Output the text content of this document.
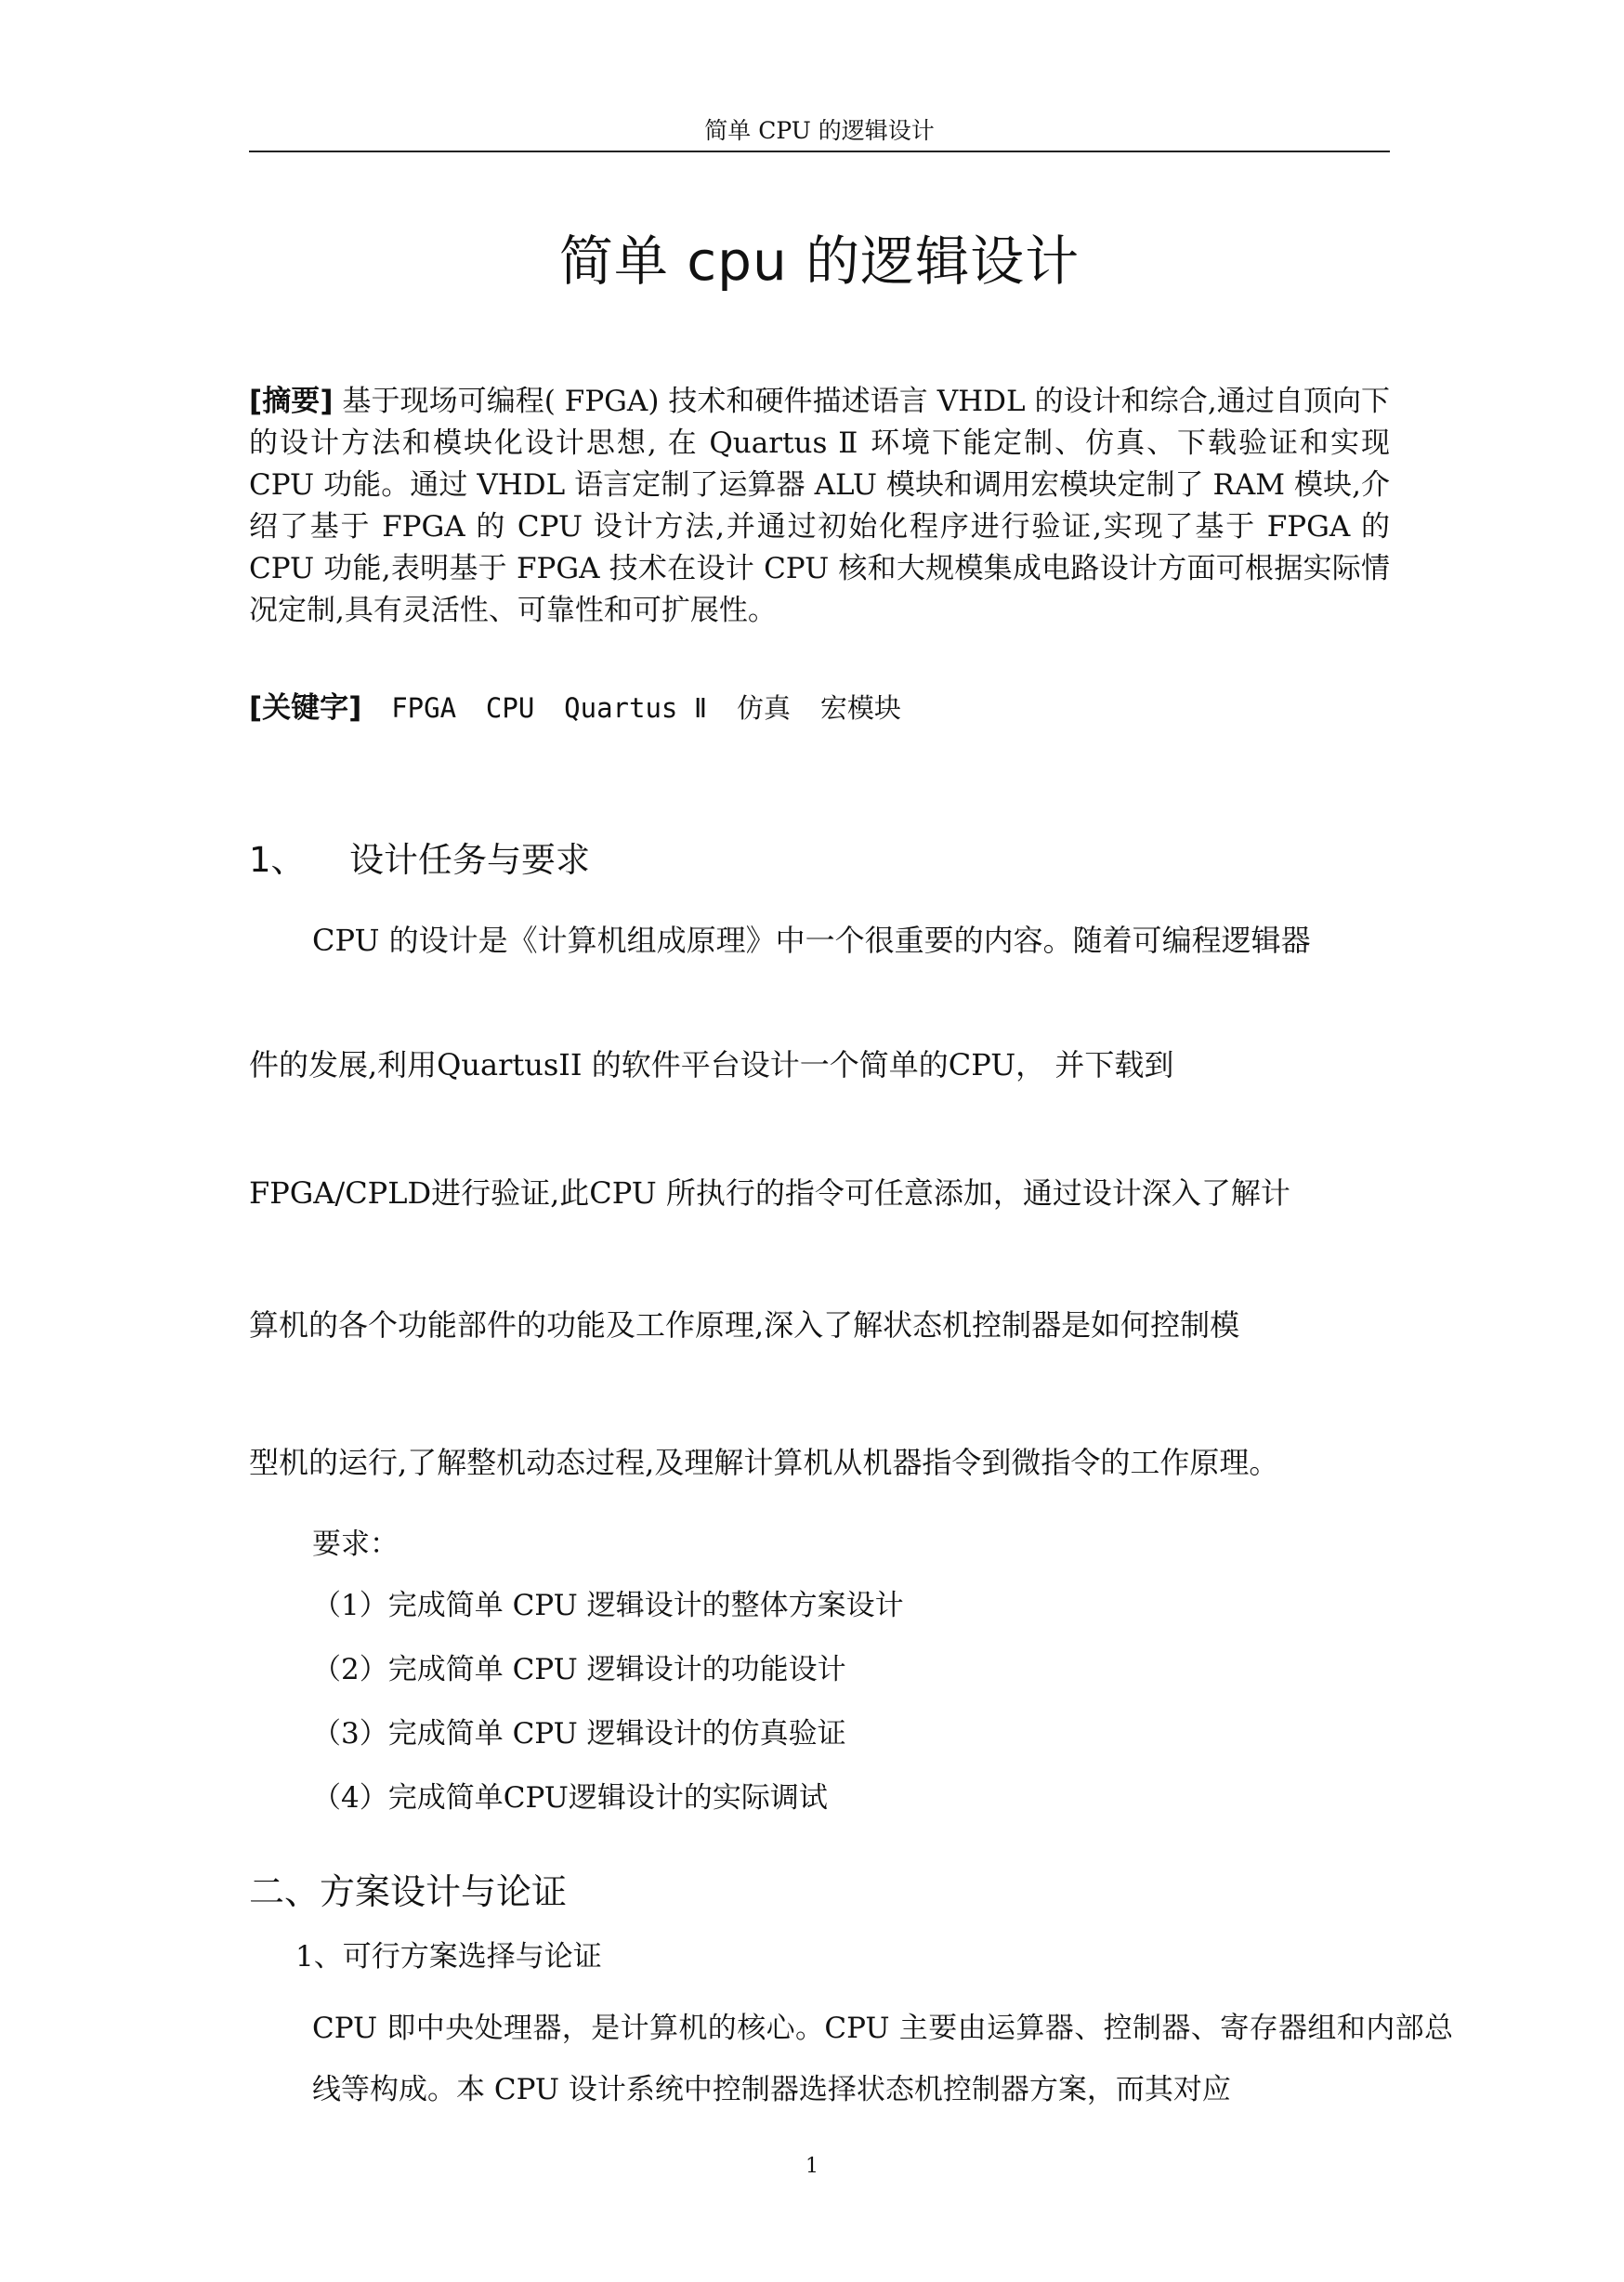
简单 CPU 的逻辑设计
简单 cpu 的逻辑设计
[摘要] 基于现场可编程( FPGA) 技术和硬件描述语言 VHDL 的设计和综合,通过自顶向下的设计方法和模块化设计思想, 在 Quartus Ⅱ 环境下能定制、仿真、下载验证和实现 CPU 功能。通过 VHDL 语言定制了运算器 ALU 模块和调用宏模块定制了 RAM 模块,介绍了基于 FPGA 的 CPU 设计方法,并通过初始化程序进行验证,实现了基于 FPGA 的 CPU 功能,表明基于 FPGA 技术在设计 CPU 核和大规模集成电路设计方面可根据实际情况定制,具有灵活性、可靠性和可扩展性。
[关键字] FPGA CPU Quartus Ⅱ 仿真 宏模块
1、 设计任务与要求
CPU 的设计是《计算机组成原理》中一个很重要的内容。随着可编程逻辑器
件的发展,利用QuartusII 的软件平台设计一个简单的CPU， 并下载到
FPGA/CPLD进行验证,此CPU 所执行的指令可任意添加，通过设计深入了解计
算机的各个功能部件的功能及工作原理,深入了解状态机控制器是如何控制模
型机的运行,了解整机动态过程,及理解计算机从机器指令到微指令的工作原理。
要求：
（1）完成简单 CPU 逻辑设计的整体方案设计
（2）完成简单 CPU 逻辑设计的功能设计
（3）完成简单 CPU 逻辑设计的仿真验证
（4）完成简单CPU逻辑设计的实际调试
二、方案设计与论证
1、可行方案选择与论证
CPU 即中央处理器，是计算机的核心。CPU 主要由运算器、控制器、寄存器组和内部总线等构成。本 CPU 设计系统中控制器选择状态机控制器方案，而其对应
1
